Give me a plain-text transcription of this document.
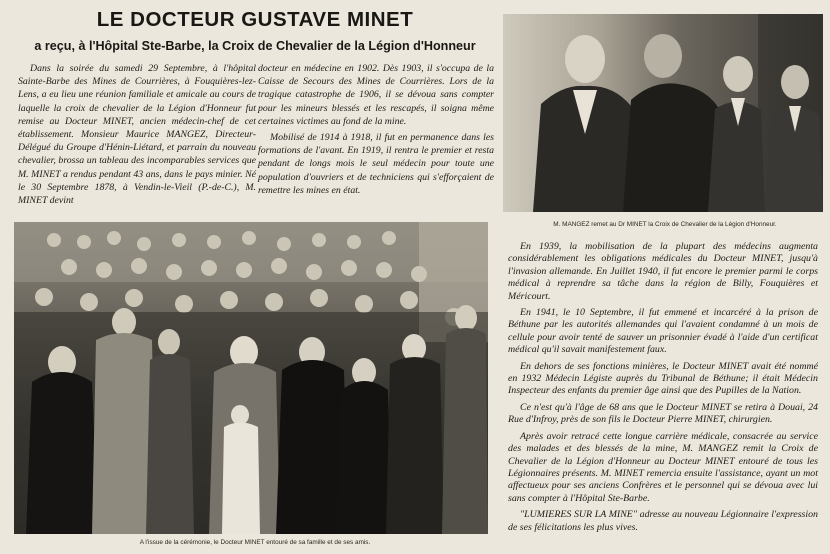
LE DOCTEUR GUSTAVE MINET
a reçu, à l'Hôpital Ste-Barbe, la Croix de Chevalier de la Légion d'Honneur

Dans la soirée du samedi 29 Septembre, à l'hôpital Sainte-Barbe des Mines de Courrières, à Fouquières-lez-Lens, a eu lieu une réunion familiale et amicale au cours de laquelle la croix de chevalier de la Légion d'Honneur fut remise au Docteur MINET, ancien médecin-chef de cet établissement. Monsieur Maurice MANGEZ, Directeur-Délégué du Groupe d'Hénin-Liétard, et parrain du nouveau chevalier, brossa un tableau des incomparables services que M. MINET a rendus pendant 43 ans, dans le pays minier. Né le 30 Septembre 1878, à Vendin-le-Vieil (P.-de-C.), M. MINET devint

docteur en médecine en 1902. Dès 1903, il s'occupa de la Caisse de Secours des Mines de Courrières. Lors de la tragique catastrophe de 1906, il se dévoua sans compter pour les mineurs blessés et les rescapés, il soigna même certaines victimes au fond de la mine.

Mobilisé de 1914 à 1918, il fut en permanence dans les formations de l'avant. En 1919, il rentra le premier et resta pendant de longs mois le seul médecin pour toute une population d'ouvriers et de techniciens qui s'efforçaient de remettre les mines en état.

M. MANGEZ remet au Dr MINET la Croix de Chevalier de la Légion d'Honneur.

A l'issue de la cérémonie, le Docteur MINET entouré de sa famille et de ses amis.

En 1939, la mobilisation de la plupart des médecins augmenta considérablement les obligations médicales du Docteur MINET, jusqu'à l'invasion allemande. En Juillet 1940, il fut encore le premier parmi le corps médical à reprendre sa tâche dans la région de Billy, Fouquières et Méricourt.

En 1941, le 10 Septembre, il fut emmené et incarcéré à la prison de Béthune par les autorités allemandes qui l'avaient condamné à un mois de cellule pour avoir tenté de sauver un prisonnier évadé à l'aide d'un certificat médical qu'il savait manifestement faux.

En dehors de ses fonctions minières, le Docteur MINET avait été nommé en 1932 Médecin Légiste auprès du Tribunal de Béthune; il était Médecin Inspecteur des enfants du premier âge ainsi que des Pupilles de la Nation.

Ce n'est qu'à l'âge de 68 ans que le Docteur MINET se retira à Douai, 24 Rue d'Infroy, près de son fils le Docteur Pierre MINET, chirurgien.

Après avoir retracé cette longue carrière médicale, consacrée au service des malades et des blessés de la mine, M. MANGEZ remit la Croix de Chevalier de la Légion d'Honneur au Docteur MINET entouré de tous les Légionnaires présents. M. MINET remercia ensuite l'assistance, ayant un mot affectueux pour ses anciens Confrères et le personnel qui se dévoua avec lui sans compter à l'Hôpital Ste-Barbe.

"LUMIERES SUR LA MINE" adresse au nouveau Légionnaire l'expression de ses félicitations les plus vives.
